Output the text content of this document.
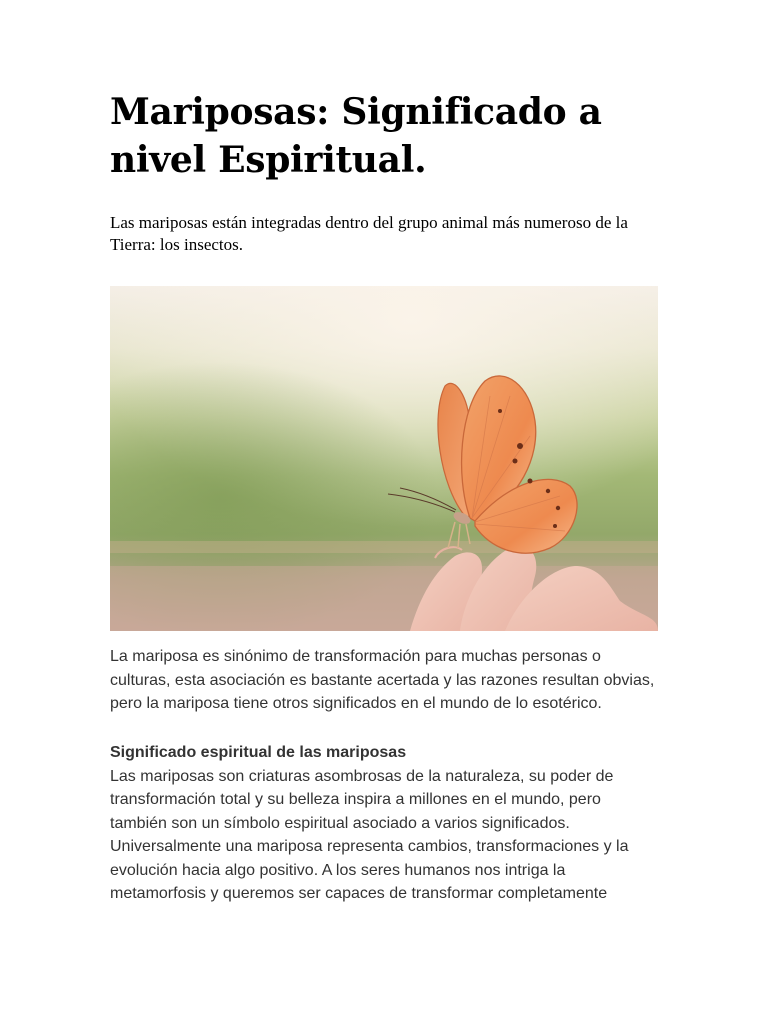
Mariposas: Significado a nivel Espiritual.

Las mariposas están integradas dentro del grupo animal más numeroso de la Tierra: los insectos.

La mariposa es sinónimo de transformación para muchas personas o culturas, esta asociación es bastante acertada y las razones resultan obvias, pero la mariposa tiene otros significados en el mundo de lo esotérico.

Significado espiritual de las mariposas

Las mariposas son criaturas asombrosas de la naturaleza, su poder de transformación total y su belleza inspira a millones en el mundo, pero también son un símbolo espiritual asociado a varios significados. Universalmente una mariposa representa cambios, transformaciones y la evolución hacia algo positivo. A los seres humanos nos intriga la metamorfosis y queremos ser capaces de transformar completamente
